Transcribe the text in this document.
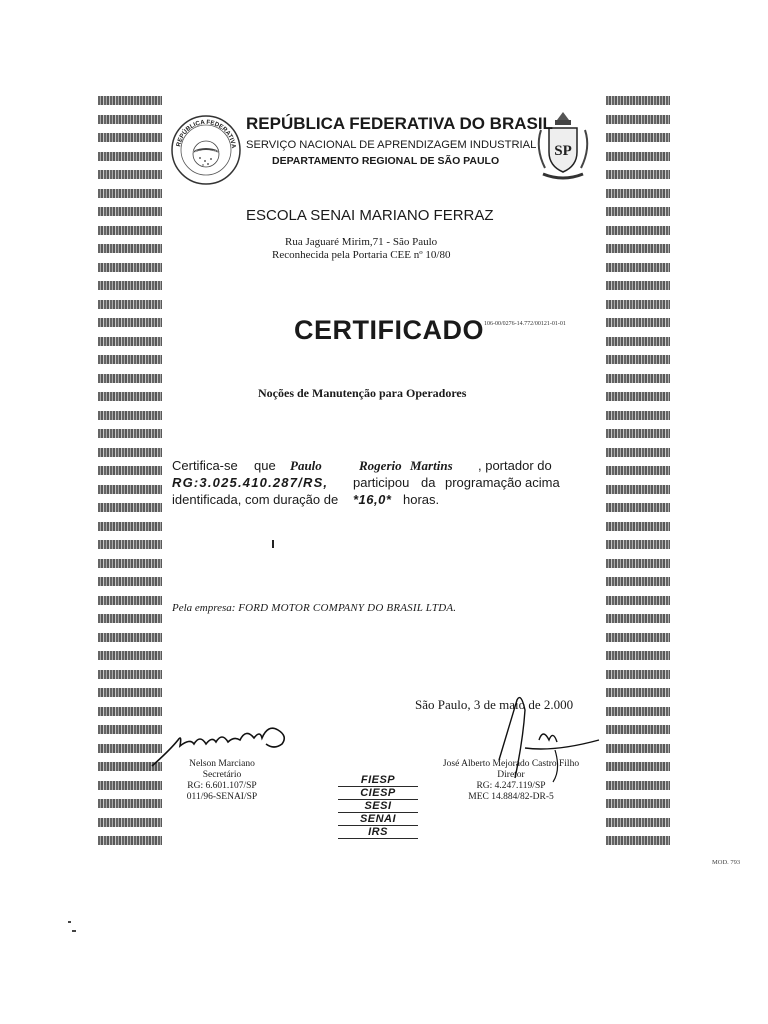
REPÚBLICA FEDERATIVA
ORDEM E PROGRESSO	SP
REPÚBLICA FEDERATIVA DO BRASIL
SERVIÇO NACIONAL DE APRENDIZAGEM INDUSTRIAL
DEPARTAMENTO REGIONAL DE SÃO PAULO
ESCOLA SENAI MARIANO FERRAZ
Rua Jaguaré Mirim,71 - São Paulo
Reconhecida pela Portaria CEE nº 10/80
CERTIFICADO 106-00/0276-14.772/00121-01-01
Noções de Manutenção para Operadores
Certifica-se que Paulo	Rogerio Martins , portador do
RG:3.025.410.287/RS, participou da programação acima
identificada, com duração de *16,0* horas.
Pela empresa: FORD MOTOR COMPANY DO BRASIL LTDA.
São Paulo, 3 de maio de 2.000
Nelson Marciano
Secretário
RG: 6.601.107/SP
011/96-SENAI/SP
José Alberto Mejorado Castro Filho
Diretor
RG: 4.247.119/SP
MEC 14.884/82-DR-5
FIESP
CIESP
SESI
SENAI
IRS
MOD. 793
